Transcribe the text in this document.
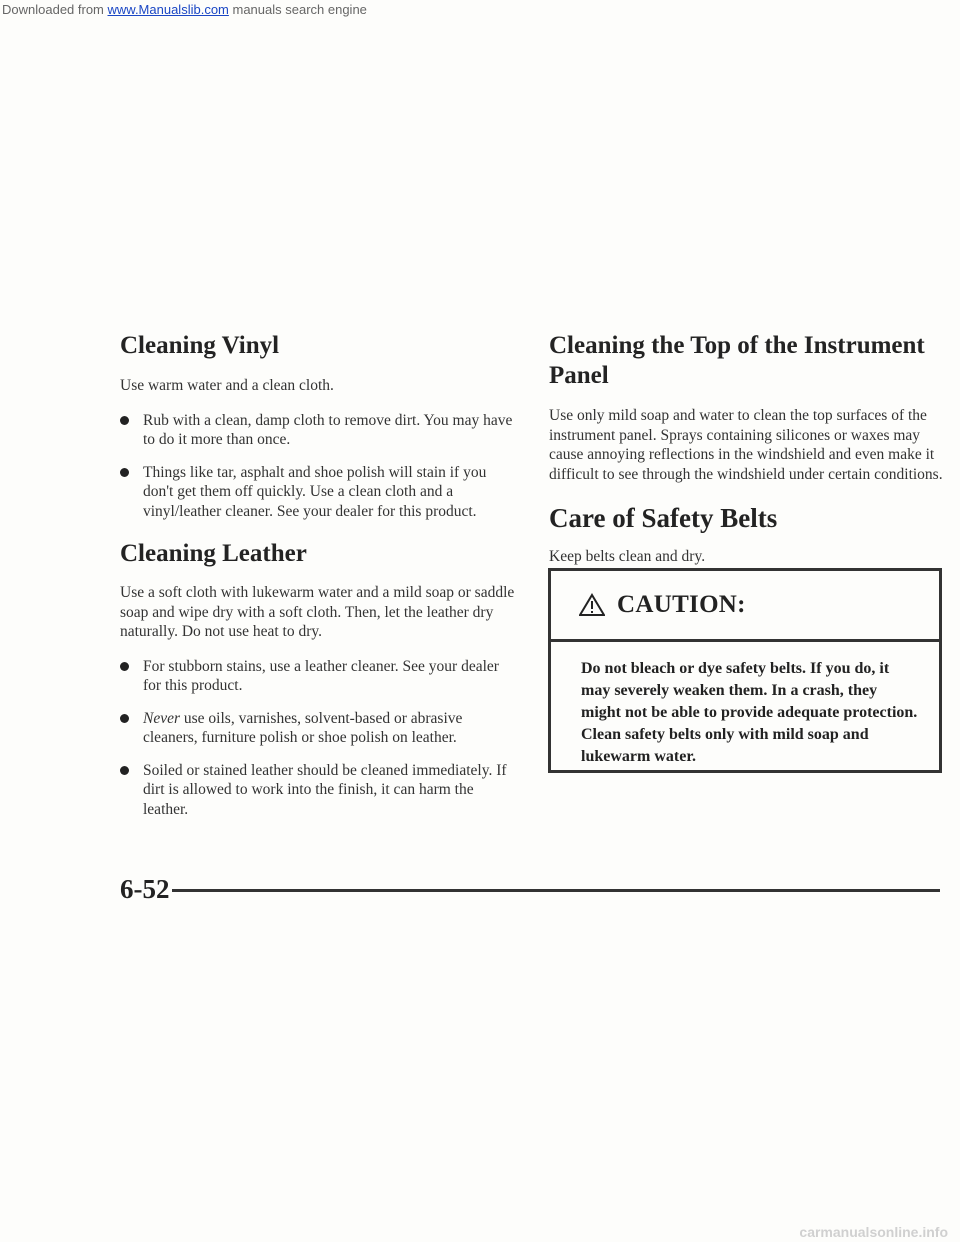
Downloaded from www.Manualslib.com manuals search engine
Cleaning Vinyl

Use warm water and a clean cloth.

Rub with a clean, damp cloth to remove dirt. You may have to do it more than once.
Things like tar, asphalt and shoe polish will stain if you don't get them off quickly. Use a clean cloth and a vinyl/leather cleaner. See your dealer for this product.
Cleaning Leather

Use a soft cloth with lukewarm water and a mild soap or saddle soap and wipe dry with a soft cloth. Then, let the leather dry naturally. Do not use heat to dry.

For stubborn stains, use a leather cleaner. See your dealer for this product.
Never use oils, varnishes, solvent-based or abrasive cleaners, furniture polish or shoe polish on leather.
Soiled or stained leather should be cleaned immediately. If dirt is allowed to work into the finish, it can harm the leather.
Cleaning the Top of the Instrument Panel

Use only mild soap and water to clean the top surfaces of the instrument panel. Sprays containing silicones or waxes may cause annoying reflections in the windshield and even make it difficult to see through the windshield under certain conditions.

Care of Safety Belts

Keep belts clean and dry.

CAUTION:
Do not bleach or dye safety belts. If you do, it may severely weaken them. In a crash, they might not be able to provide adequate protection. Clean safety belts only with mild soap and lukewarm water.
6-52
carmanualsonline.info
